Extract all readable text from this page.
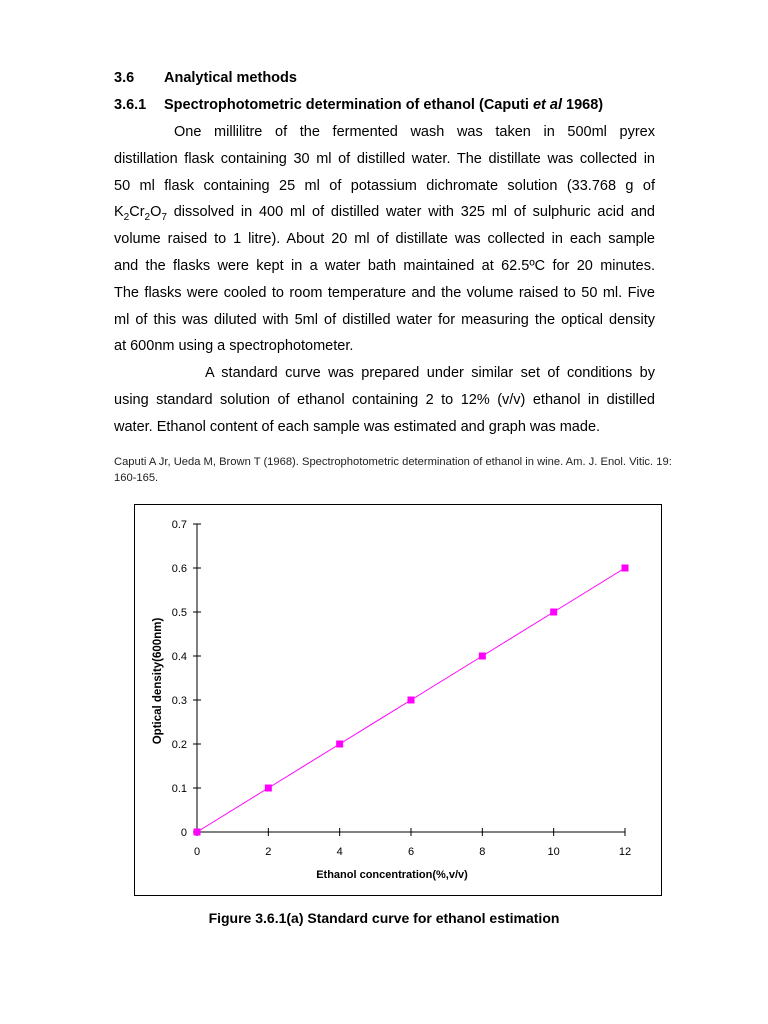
3.6 Analytical methods
3.6.1 Spectrophotometric determination of ethanol (Caputi et al 1968)
One millilitre of the fermented wash was taken in 500ml pyrex
distillation flask containing 30 ml of distilled water. The distillate was collected in
50 ml flask containing 25 ml of potassium dichromate solution (33.768 g of
$K_2Cr_2O_7$ dissolved in 400 ml of distilled water with 325 ml of sulphuric acid and
volume raised to 1 litre). About 20 ml of distillate was collected in each sample
and the flasks were kept in a water bath maintained at 62.5ºC for 20 minutes.
The flasks were cooled to room temperature and the volume raised to 50 ml. Five
ml of this was diluted with 5ml of distilled water for measuring the optical density
at 600nm using a spectrophotometer.
A standard curve was prepared under similar set of conditions by
using standard solution of ethanol containing 2 to 12% (v/v) ethanol in distilled
water. Ethanol content of each sample was estimated and graph was made.
Caputi A Jr, Ueda M, Brown T (1968). Spectrophotometric determination of ethanol in wine. Am. J. Enol. Vitic. 19:
160-165.
0
0.1
0.2
0.3
0.4
0.5
0.6
0.7
0	2	4	6	8	10	12
Ethanol concentration(%,v/v)
Optical density(600nm)
Figure 3.6.1(a) Standard curve for ethanol estimation
